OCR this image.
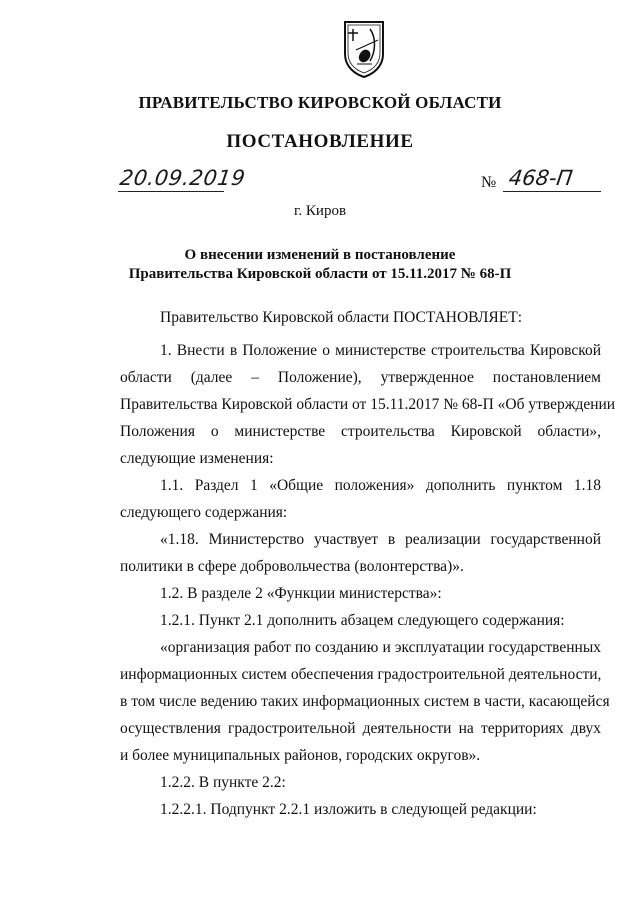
ПРАВИТЕЛЬСТВО КИРОВСКОЙ ОБЛАСТИ
ПОСТАНОВЛЕНИЕ
20.09.2019	№ 468-П
г. Киров
О внесении изменений в постановление
Правительства Кировской области от 15.11.2017 № 68-П
Правительство Кировской области ПОСТАНОВЛЯЕТ:
1. Внести в Положение о министерстве строительства Кировской
области (далее – Положение), утвержденное постановлением
Правительства Кировской области от 15.11.2017 № 68-П «Об утверждении
Положения о министерстве строительства Кировской области»,
следующие изменения:
1.1. Раздел 1 «Общие положения» дополнить пунктом 1.18
следующего содержания:
«1.18. Министерство участвует в реализации государственной
политики в сфере добровольчества (волонтерства)».
1.2. В разделе 2 «Функции министерства»:
1.2.1. Пункт 2.1 дополнить абзацем следующего содержания:
«организация работ по созданию и эксплуатации государственных
информационных систем обеспечения градостроительной деятельности,
в том числе ведению таких информационных систем в части, касающейся
осуществления градостроительной деятельности на территориях двух
и более муниципальных районов, городских округов».
1.2.2. В пункте 2.2:
1.2.2.1. Подпункт 2.2.1 изложить в следующей редакции:
